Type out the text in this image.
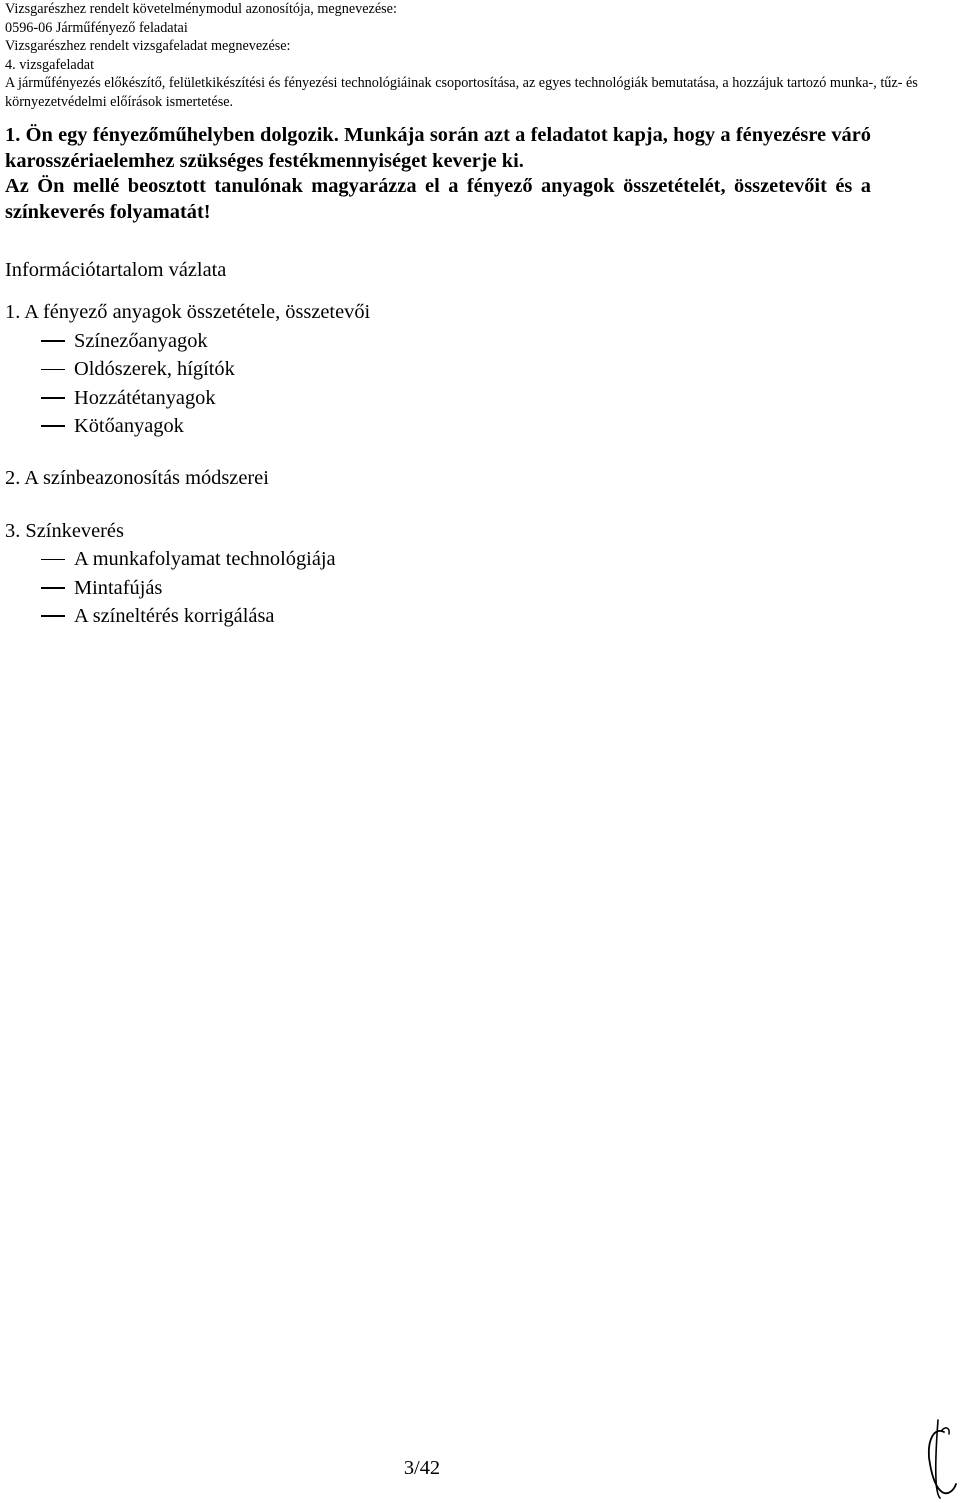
Vizsgarészhez rendelt követelménymodul azonosítója, megnevezése:
0596-06 Járműfényező feladatai
Vizsgarészhez rendelt vizsgafeladat megnevezése:
4. vizsgafeladat
A járműfényezés előkészítő, felületkikészítési és fényezési technológiáinak csoportosítása, az egyes technológiák bemutatása, a hozzájuk tartozó munka-, tűz- és környezetvédelmi előírások ismertetése.

1. Ön egy fényezőműhelyben dolgozik. Munkája során azt a feladatot kapja, hogy a fényezésre váró karosszériaelemhez szükséges festékmennyiséget keverje ki.

Az Ön mellé beosztott tanulónak magyarázza el a fényező anyagok összetételét, összetevőit és a színkeverés folyamatát!

Információtartalom vázlata
1. A fényező anyagok összetétele, összetevői
Színezőanyagok
Oldószerek, hígítók
Hozzátétanyagok
Kötőanyagok
2. A színbeazonosítás módszerei
3. Színkeverés
A munkafolyamat technológiája
Mintafújás
A színeltérés korrigálása
3/42
